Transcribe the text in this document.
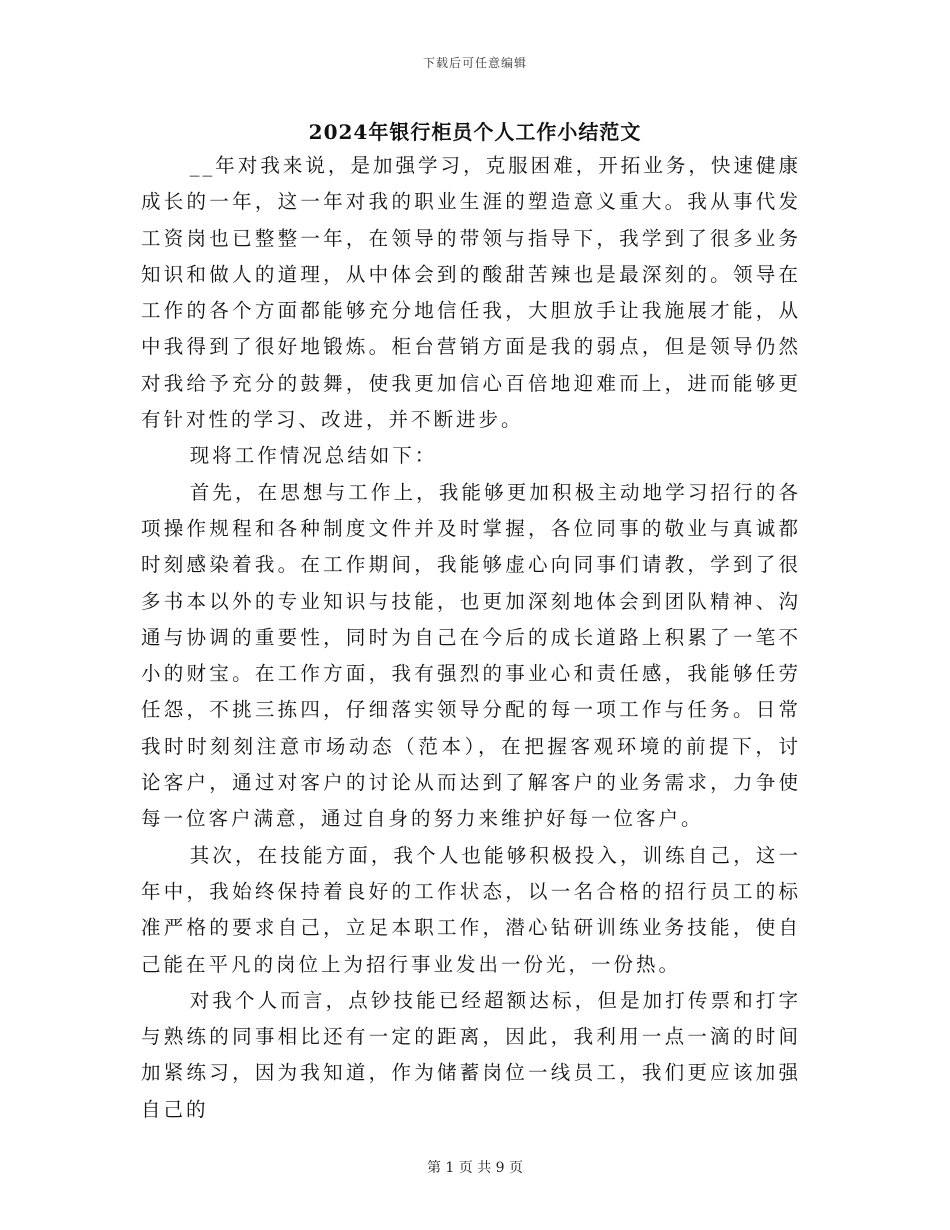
下载后可任意编辑
2024年银行柜员个人工作小结范文

__年对我来说，是加强学习，克服困难，开拓业务，快速健康成长的一年，这一年对我的职业生涯的塑造意义重大。我从事代发工资岗也已整整一年，在领导的带领与指导下，我学到了很多业务知识和做人的道理，从中体会到的酸甜苦辣也是最深刻的。领导在工作的各个方面都能够充分地信任我，大胆放手让我施展才能，从中我得到了很好地锻炼。柜台营销方面是我的弱点，但是领导仍然对我给予充分的鼓舞，使我更加信心百倍地迎难而上，进而能够更有针对性的学习、改进，并不断进步。

现将工作情况总结如下：

首先，在思想与工作上，我能够更加积极主动地学习招行的各项操作规程和各种制度文件并及时掌握，各位同事的敬业与真诚都时刻感染着我。在工作期间，我能够虚心向同事们请教，学到了很多书本以外的专业知识与技能，也更加深刻地体会到团队精神、沟通与协调的重要性，同时为自己在今后的成长道路上积累了一笔不小的财宝。在工作方面，我有强烈的事业心和责任感，我能够任劳任怨，不挑三拣四，仔细落实领导分配的每一项工作与任务。日常我时时刻刻注意市场动态（范本），在把握客观环境的前提下，讨论客户，通过对客户的讨论从而达到了解客户的业务需求，力争使每一位客户满意，通过自身的努力来维护好每一位客户。

其次，在技能方面，我个人也能够积极投入，训练自己，这一年中，我始终保持着良好的工作状态，以一名合格的招行员工的标准严格的要求自己，立足本职工作，潜心钻研训练业务技能，使自己能在平凡的岗位上为招行事业发出一份光，一份热。

对我个人而言，点钞技能已经超额达标，但是加打传票和打字与熟练的同事相比还有一定的距离，因此，我利用一点一滴的时间加紧练习，因为我知道，作为储蓄岗位一线员工，我们更应该加强自己的

第 1 页 共 9 页
